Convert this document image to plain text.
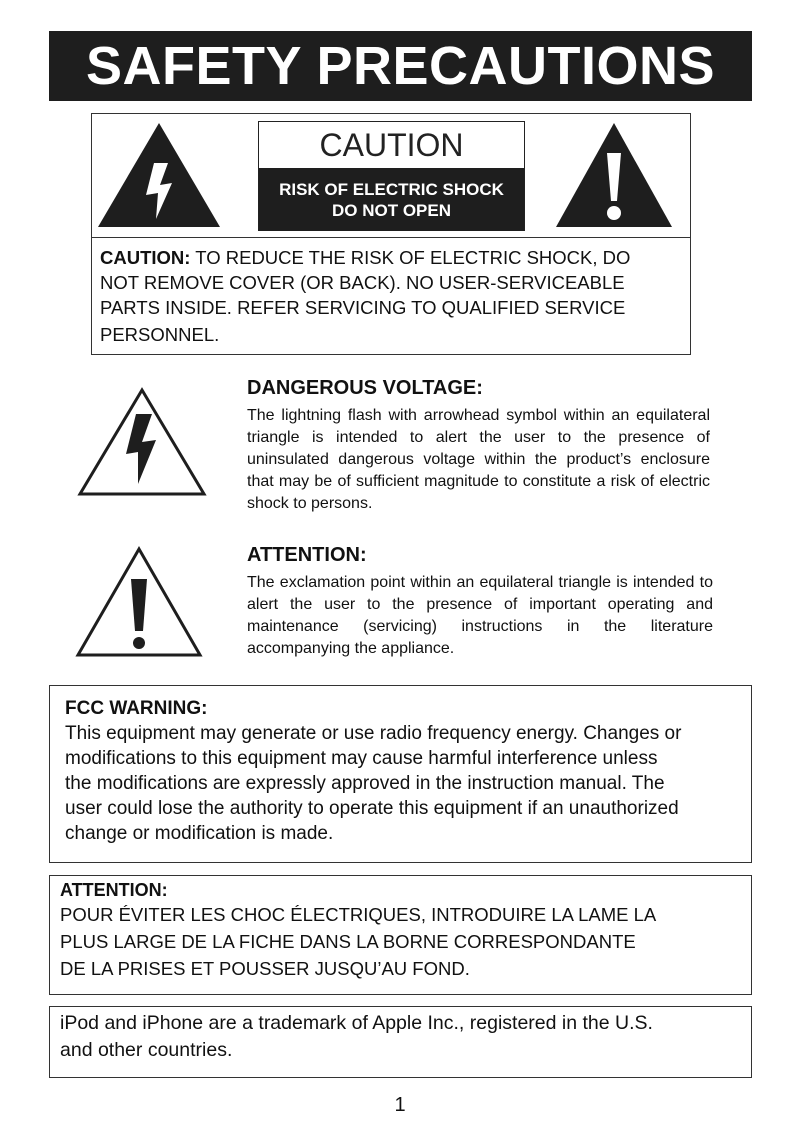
SAFETY PRECAUTIONS
CAUTION
RISK OF ELECTRIC SHOCK
DO NOT OPEN
CAUTION: TO REDUCE THE RISK OF ELECTRIC SHOCK, DO
NOT REMOVE COVER (OR BACK). NO USER-SERVICEABLE
PARTS INSIDE. REFER SERVICING TO QUALIFIED SERVICE
PERSONNEL.
DANGEROUS VOLTAGE:
The lightning flash with arrowhead symbol within an equilateral triangle is intended to alert the user to the presence of uninsulated dangerous voltage within the product’s enclosure that may be of sufficient magnitude to constitute a risk of electric shock to persons.
ATTENTION:
The exclamation point within an equilateral triangle is intended to alert the user to the presence of important operating and maintenance (servicing) instructions in the literature accompanying the appliance.
FCC WARNING:
This equipment may generate or use radio frequency energy. Changes or
modifications to this equipment may cause harmful interference unless
the modifications are expressly approved in the instruction manual. The
user could lose the authority to operate this equipment if an unauthorized
change or modification is made.
ATTENTION:
POUR ÉVITER LES CHOC ÉLECTRIQUES, INTRODUIRE LA LAME LA
PLUS LARGE DE LA FICHE DANS LA BORNE CORRESPONDANTE
DE LA PRISES ET POUSSER JUSQU’AU FOND.
iPod and iPhone are a trademark of Apple Inc., registered in the U.S.
and other countries.
1
